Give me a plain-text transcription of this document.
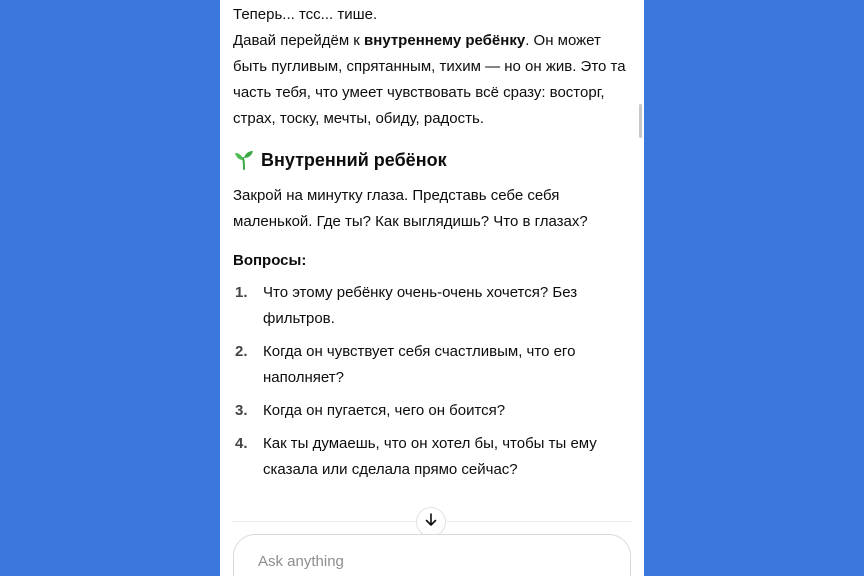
Теперь... тсс... тише.

Давай перейдём к внутреннему ребёнку. Он может быть пугливым, спрятанным, тихим — но он жив. Это та часть тебя, что умеет чувствовать всё сразу: восторг, страх, тоску, мечты, обиду, радость.

Внутренний ребёнок

Закрой на минутку глаза. Представь себе себя маленькой. Где ты? Как выглядишь? Что в глазах?

Вопросы:
1. Что этому ребёнку очень-очень хочется? Без фильтров.
2. Когда он чувствует себя счастливым, что его наполняет?
3. Когда он пугается, чего он боится?
4. Как ты думаешь, что он хотел бы, чтобы ты ему сказала или сделала прямо сейчас?
Ask anything
